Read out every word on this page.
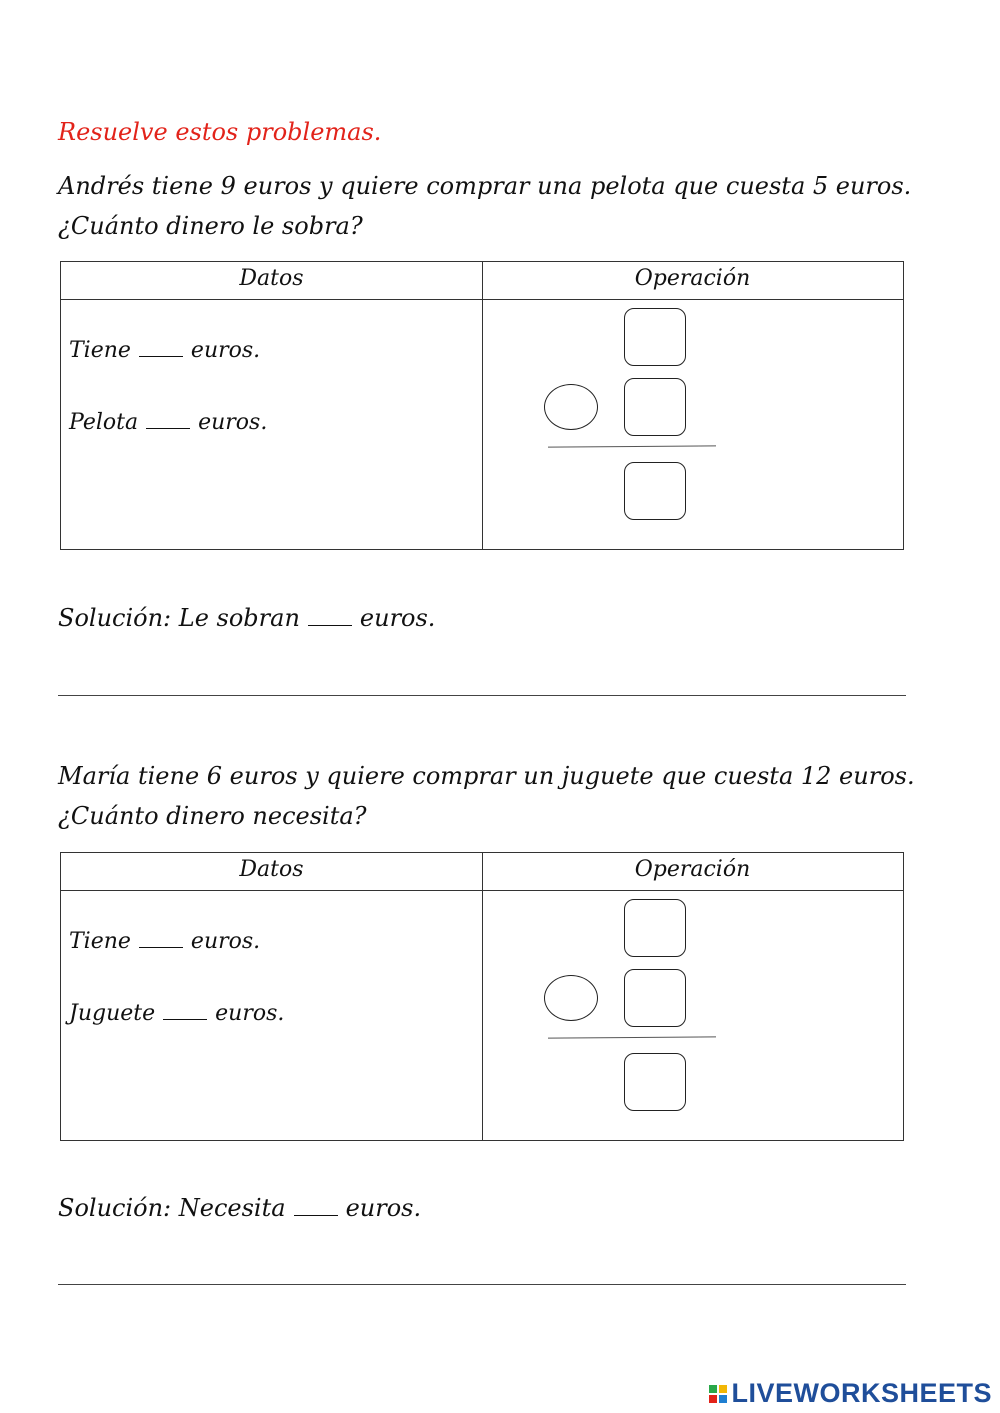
Resuelve estos problemas.
Andrés tiene 9 euros y quiere comprar una pelota que cuesta 5 euros.
¿Cuánto dinero le sobra?
Datos	Operación
Tiene	euros.
Pelota	euros.
Solución: Le sobran	euros.
María tiene 6 euros y quiere comprar un juguete que cuesta 12 euros.
¿Cuánto dinero necesita?
Datos	Operación
Tiene	euros.
Juguete	euros.
Solución: Necesita	euros.
LIVEWORKSHEETS
